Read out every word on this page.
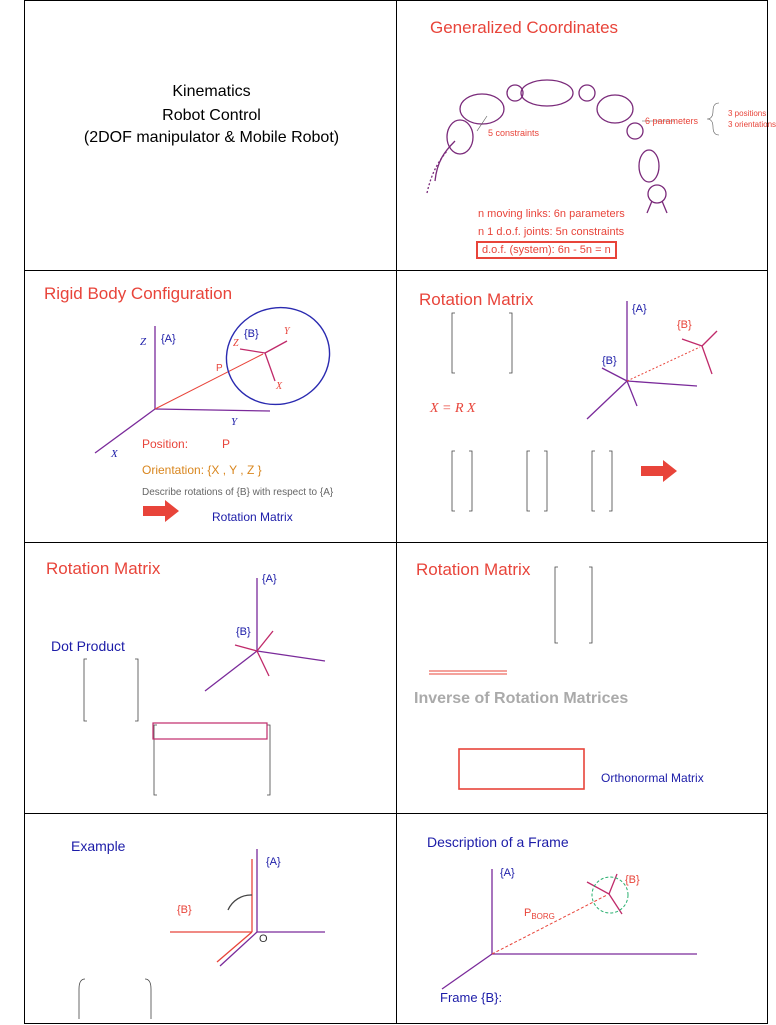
Kinematics
Robot Control
(2DOF manipulator & Mobile Robot)
Generalized Coordinates
5 constraints
6 parameters
3 positions
3 orientations
n moving links: 6n parameters
n 1 d.o.f. joints: 5n constraints
d.o.f. (system): 6n - 5n = n
Rigid Body Configuration
{A}	{B}
Z
Y
X
Z
Y
X
P
Position:	P
Orientation: {X , Y , Z }
Describe rotations of {B} with respect to {A}
Rotation Matrix
Rotation Matrix	{A}
{B}
{B}
X = R X
Rotation Matrix
{A}
{B}
Dot Product
Rotation Matrix
Inverse of Rotation Matrices
Orthonormal Matrix
Example
{A}
{B}
O
Description of a Frame
{A}
{B}
$P_{BORG}$
Frame {B}:
